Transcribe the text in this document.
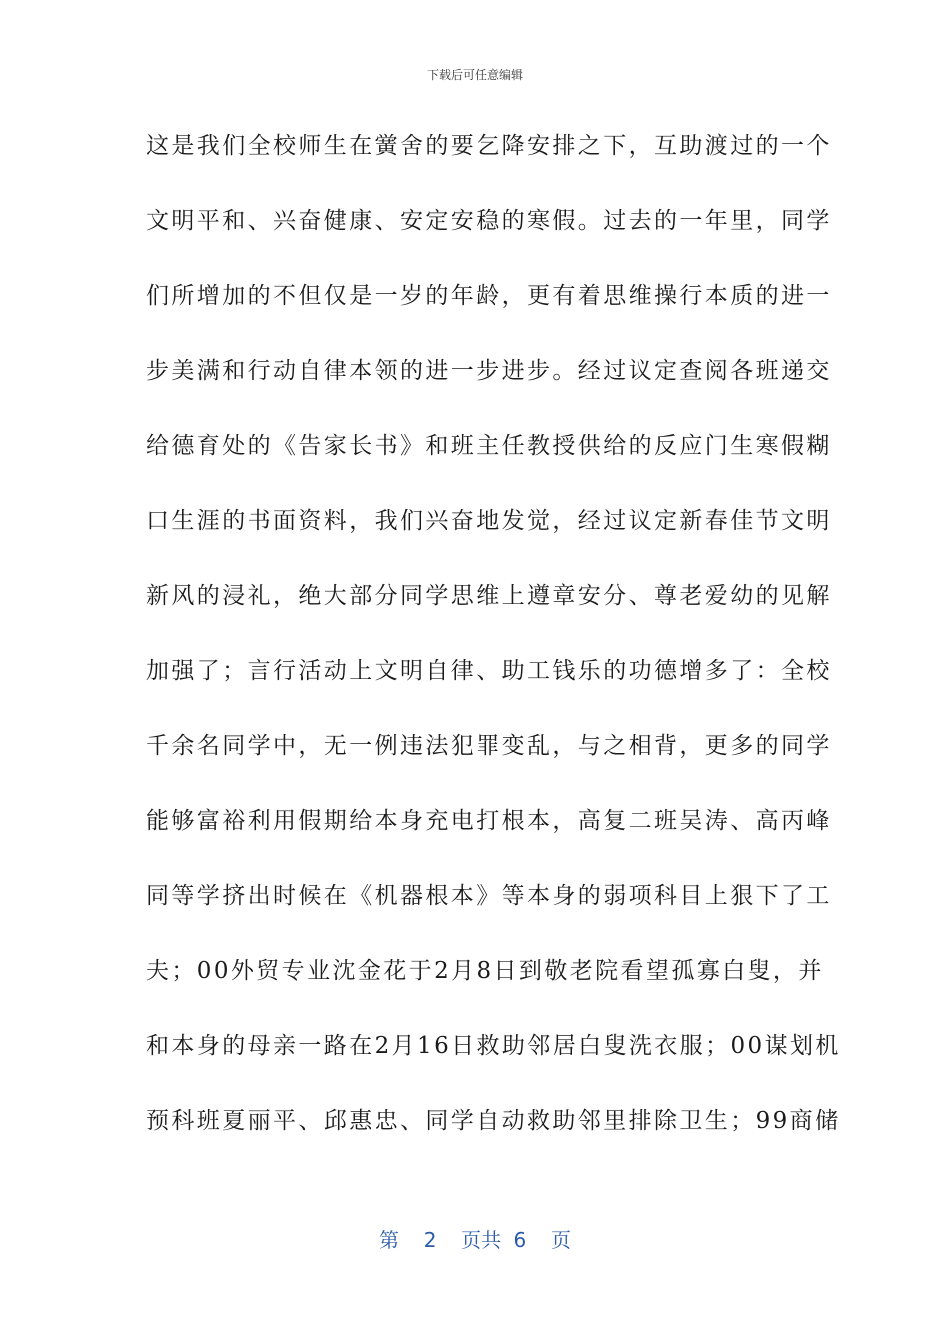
下载后可任意编辑
这是我们全校师生在黉舍的要乞降安排之下，互助渡过的一个
文明平和、兴奋健康、安定安稳的寒假。过去的一年里，同学
们所增加的不但仅是一岁的年龄，更有着思维操行本质的进一
步美满和行动自律本领的进一步进步。经过议定查阅各班递交
给德育处的《告家长书》和班主任教授供给的反应门生寒假糊
口生涯的书面资料，我们兴奋地发觉，经过议定新春佳节文明
新风的浸礼，绝大部分同学思维上遵章安分、尊老爱幼的见解
加强了；言行活动上文明自律、助工钱乐的功德增多了：全校
千余名同学中，无一例违法犯罪变乱，与之相背，更多的同学
能够富裕利用假期给本身充电打根本，高复二班吴涛、高丙峰
同等学挤出时候在《机器根本》等本身的弱项科目上狠下了工
夫；00外贸专业沈金花于2月8日到敬老院看望孤寡白叟，并
和本身的母亲一路在2月16日救助邻居白叟洗衣服；00谋划机
预科班夏丽平、邱惠忠、同学自动救助邻里排除卫生；99商储
第  2  页共 6  页
